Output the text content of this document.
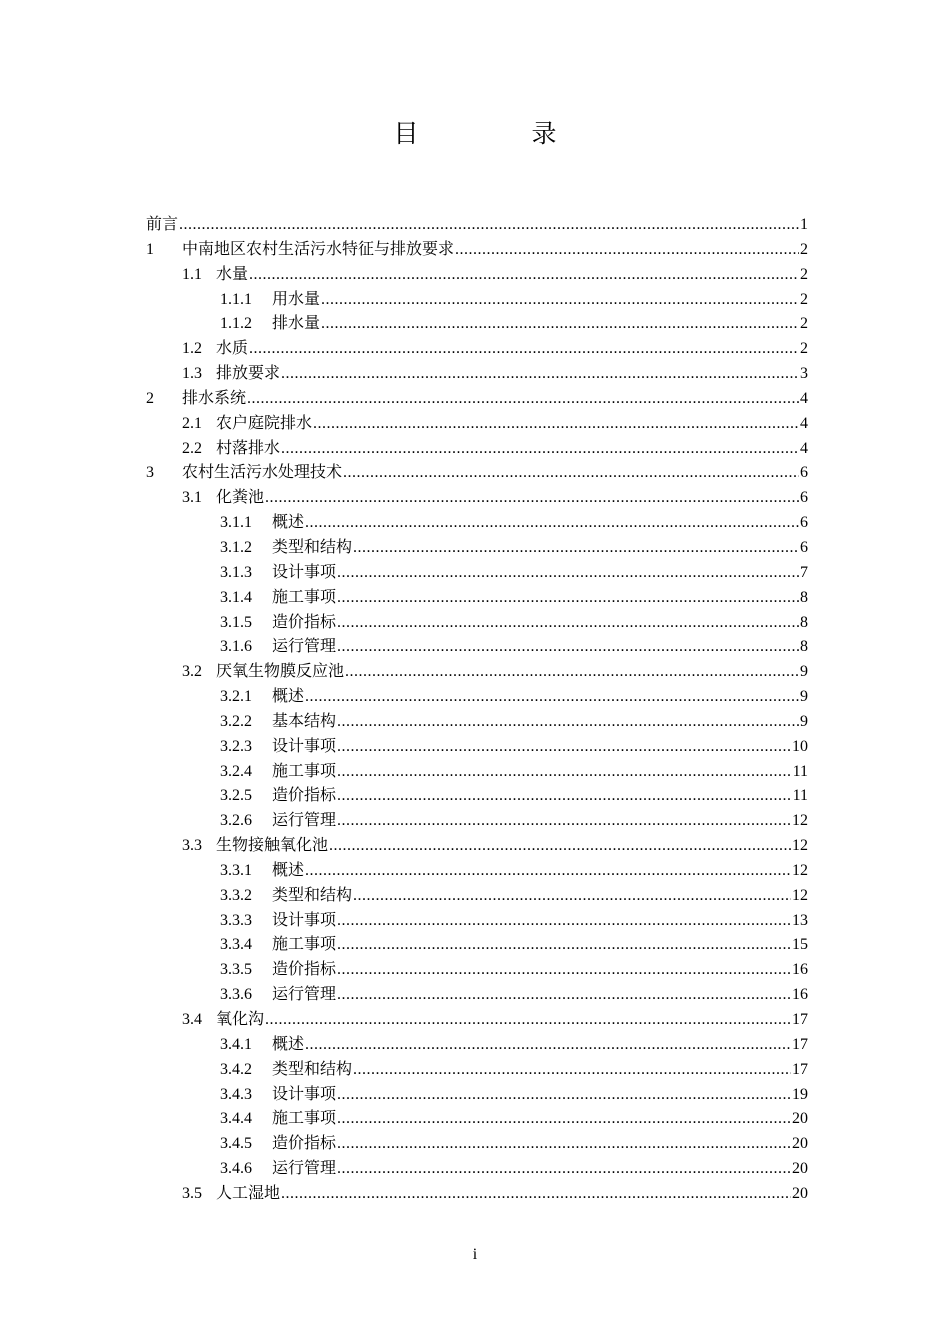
目　录
前言 .....	1
1	中南地区农村生活污水特征与排放要求 .....	2
1.1 水量 .....	2
1.1.1	用水量 .....	2
1.1.2	排水量 .....	2
1.2 水质 .....	2
1.3 排放要求 .....	3
2	排水系统 .....	4
2.1 农户庭院排水 .....	4
2.2 村落排水 .....	4
3	农村生活污水处理技术 .....	6
3.1 化粪池 .....	6
3.1.1	概述 .....	6
3.1.2	类型和结构 .....	6
3.1.3	设计事项 .....	7
3.1.4	施工事项 .....	8
3.1.5	造价指标 .....	8
3.1.6	运行管理 .....	8
3.2 厌氧生物膜反应池 .....	9
3.2.1	概述 .....	9
3.2.2	基本结构 .....	9
3.2.3	设计事项 .....	10
3.2.4	施工事项 .....	11
3.2.5	造价指标 .....	11
3.2.6	运行管理 .....	12
3.3 生物接触氧化池 .....	12
3.3.1	概述 .....	12
3.3.2	类型和结构 .....	12
3.3.3	设计事项 .....	13
3.3.4	施工事项 .....	15
3.3.5	造价指标 .....	16
3.3.6	运行管理 .....	16
3.4 氧化沟 .....	17
3.4.1	概述 .....	17
3.4.2	类型和结构 .....	17
3.4.3	设计事项 .....	19
3.4.4	施工事项 .....	20
3.4.5	造价指标 .....	20
3.4.6	运行管理 .....	20
3.5 人工湿地 .....	20
i
